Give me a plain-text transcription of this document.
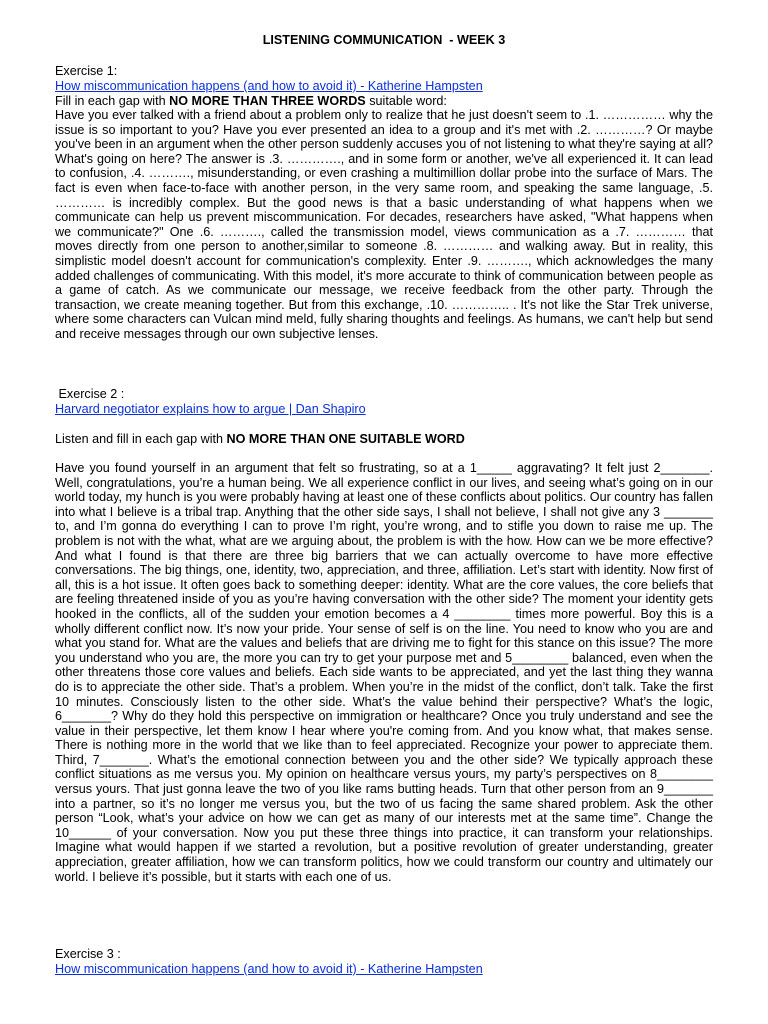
LISTENING COMMUNICATION  - WEEK 3
Exercise 1:
How miscommunication happens (and how to avoid it) - Katherine Hampsten
Fill in each gap with NO MORE THAN THREE WORDS suitable word:
Have you ever talked with a friend about a problem only to realize that he just doesn't seem to .1. …………… why the issue is so important to you? Have you ever presented an idea to a group and it's met with .2. …………? Or maybe you've been in an argument when the other person suddenly accuses you of not listening to what they're saying at all? What's going on here? The answer is .3. …………., and in some form or another, we've all experienced it. It can lead to confusion, .4. ………., misunderstanding, or even crashing a multimillion dollar probe into the surface of Mars. The fact is even when face-to-face with another person, in the very same room, and speaking the same language, .5. ………… is incredibly complex. But the good news is that a basic understanding of what happens when we communicate can help us prevent miscommunication. For decades, researchers have asked, "What happens when we communicate?" One .6. ………., called the transmission model, views communication as a .7. ………… that moves directly from one person to another,similar to someone .8. ………… and walking away. But in reality, this simplistic model doesn't account for communication's complexity. Enter .9. ………., which acknowledges the many added challenges of communicating. With this model, it's more accurate to think of communication between people as a game of catch. As we communicate our message, we receive feedback from the other party. Through the transaction, we create meaning together. But from this exchange, .10. ………….. . It's not like the Star Trek universe, where some characters can Vulcan mind meld, fully sharing thoughts and feelings. As humans, we can't help but send and receive messages through our own subjective lenses.
Exercise 2 :
Harvard negotiator explains how to argue | Dan Shapiro
Listen and fill in each gap with NO MORE THAN ONE SUITABLE WORD
Have you found yourself in an argument that felt so frustrating, so at a 1_____ aggravating? It felt just 2_______. Well, congratulations, you’re a human being. We all experience conflict in our lives, and seeing what’s going on in our world today, my hunch is you were probably having at least one of these conflicts about politics. Our country has fallen into what I believe is a tribal trap. Anything that the other side says, I shall not believe, I shall not give any 3 _______ to, and I’m gonna do everything I can to prove I’m right, you’re wrong, and to stifle you down to raise me up. The problem is not with the what, what are we arguing about, the problem is with the how. How can we be more effective? And what I found is that there are three big barriers that we can actually overcome to have more effective conversations. The big things, one, identity, two, appreciation, and three, affiliation. Let’s start with identity. Now first of all, this is a hot issue. It often goes back to something deeper: identity. What are the core values, the core beliefs that are feeling threatened inside of you as you’re having conversation with the other side? The moment your identity gets hooked in the conflicts, all of the sudden your emotion becomes a 4 ________ times more powerful. Boy this is a wholly different conflict now. It’s now your pride. Your sense of self is on the line. You need to know who you are and what you stand for. What are the values and beliefs that are driving me to fight for this stance on this issue? The more you understand who you are, the more you can try to get your purpose met and 5________ balanced, even when the other threatens those core values and beliefs. Each side wants to be appreciated, and yet the last thing they wanna do is to appreciate the other side. That’s a problem. When you’re in the midst of the conflict, don’t talk. Take the first 10 minutes. Consciously listen to the other side. What’s the value behind their perspective? What’s the logic, 6_______? Why do they hold this perspective on immigration or healthcare? Once you truly understand and see the value in their perspective, let them know I hear where you're coming from. And you know what, that makes sense. There is nothing more in the world that we like than to feel appreciated. Recognize your power to appreciate them. Third, 7_______. What’s the emotional connection between you and the other side? We typically approach these conflict situations as me versus you. My opinion on healthcare versus yours, my party’s perspectives on 8________ versus yours. That just gonna leave the two of you like rams butting heads. Turn that other person from an 9_______ into a partner, so it’s no longer me versus you, but the two of us facing the same shared problem. Ask the other person “Look, what’s your advice on how we can get as many of our interests met at the same time”. Change the 10______ of your conversation. Now you put these three things into practice, it can transform your relationships. Imagine what would happen if we started a revolution, but a positive revolution of greater understanding, greater appreciation, greater affiliation, how we can transform politics, how we could transform our country and ultimately our world. I believe it’s possible, but it starts with each one of us.
Exercise 3 :
How miscommunication happens (and how to avoid it) - Katherine Hampsten
